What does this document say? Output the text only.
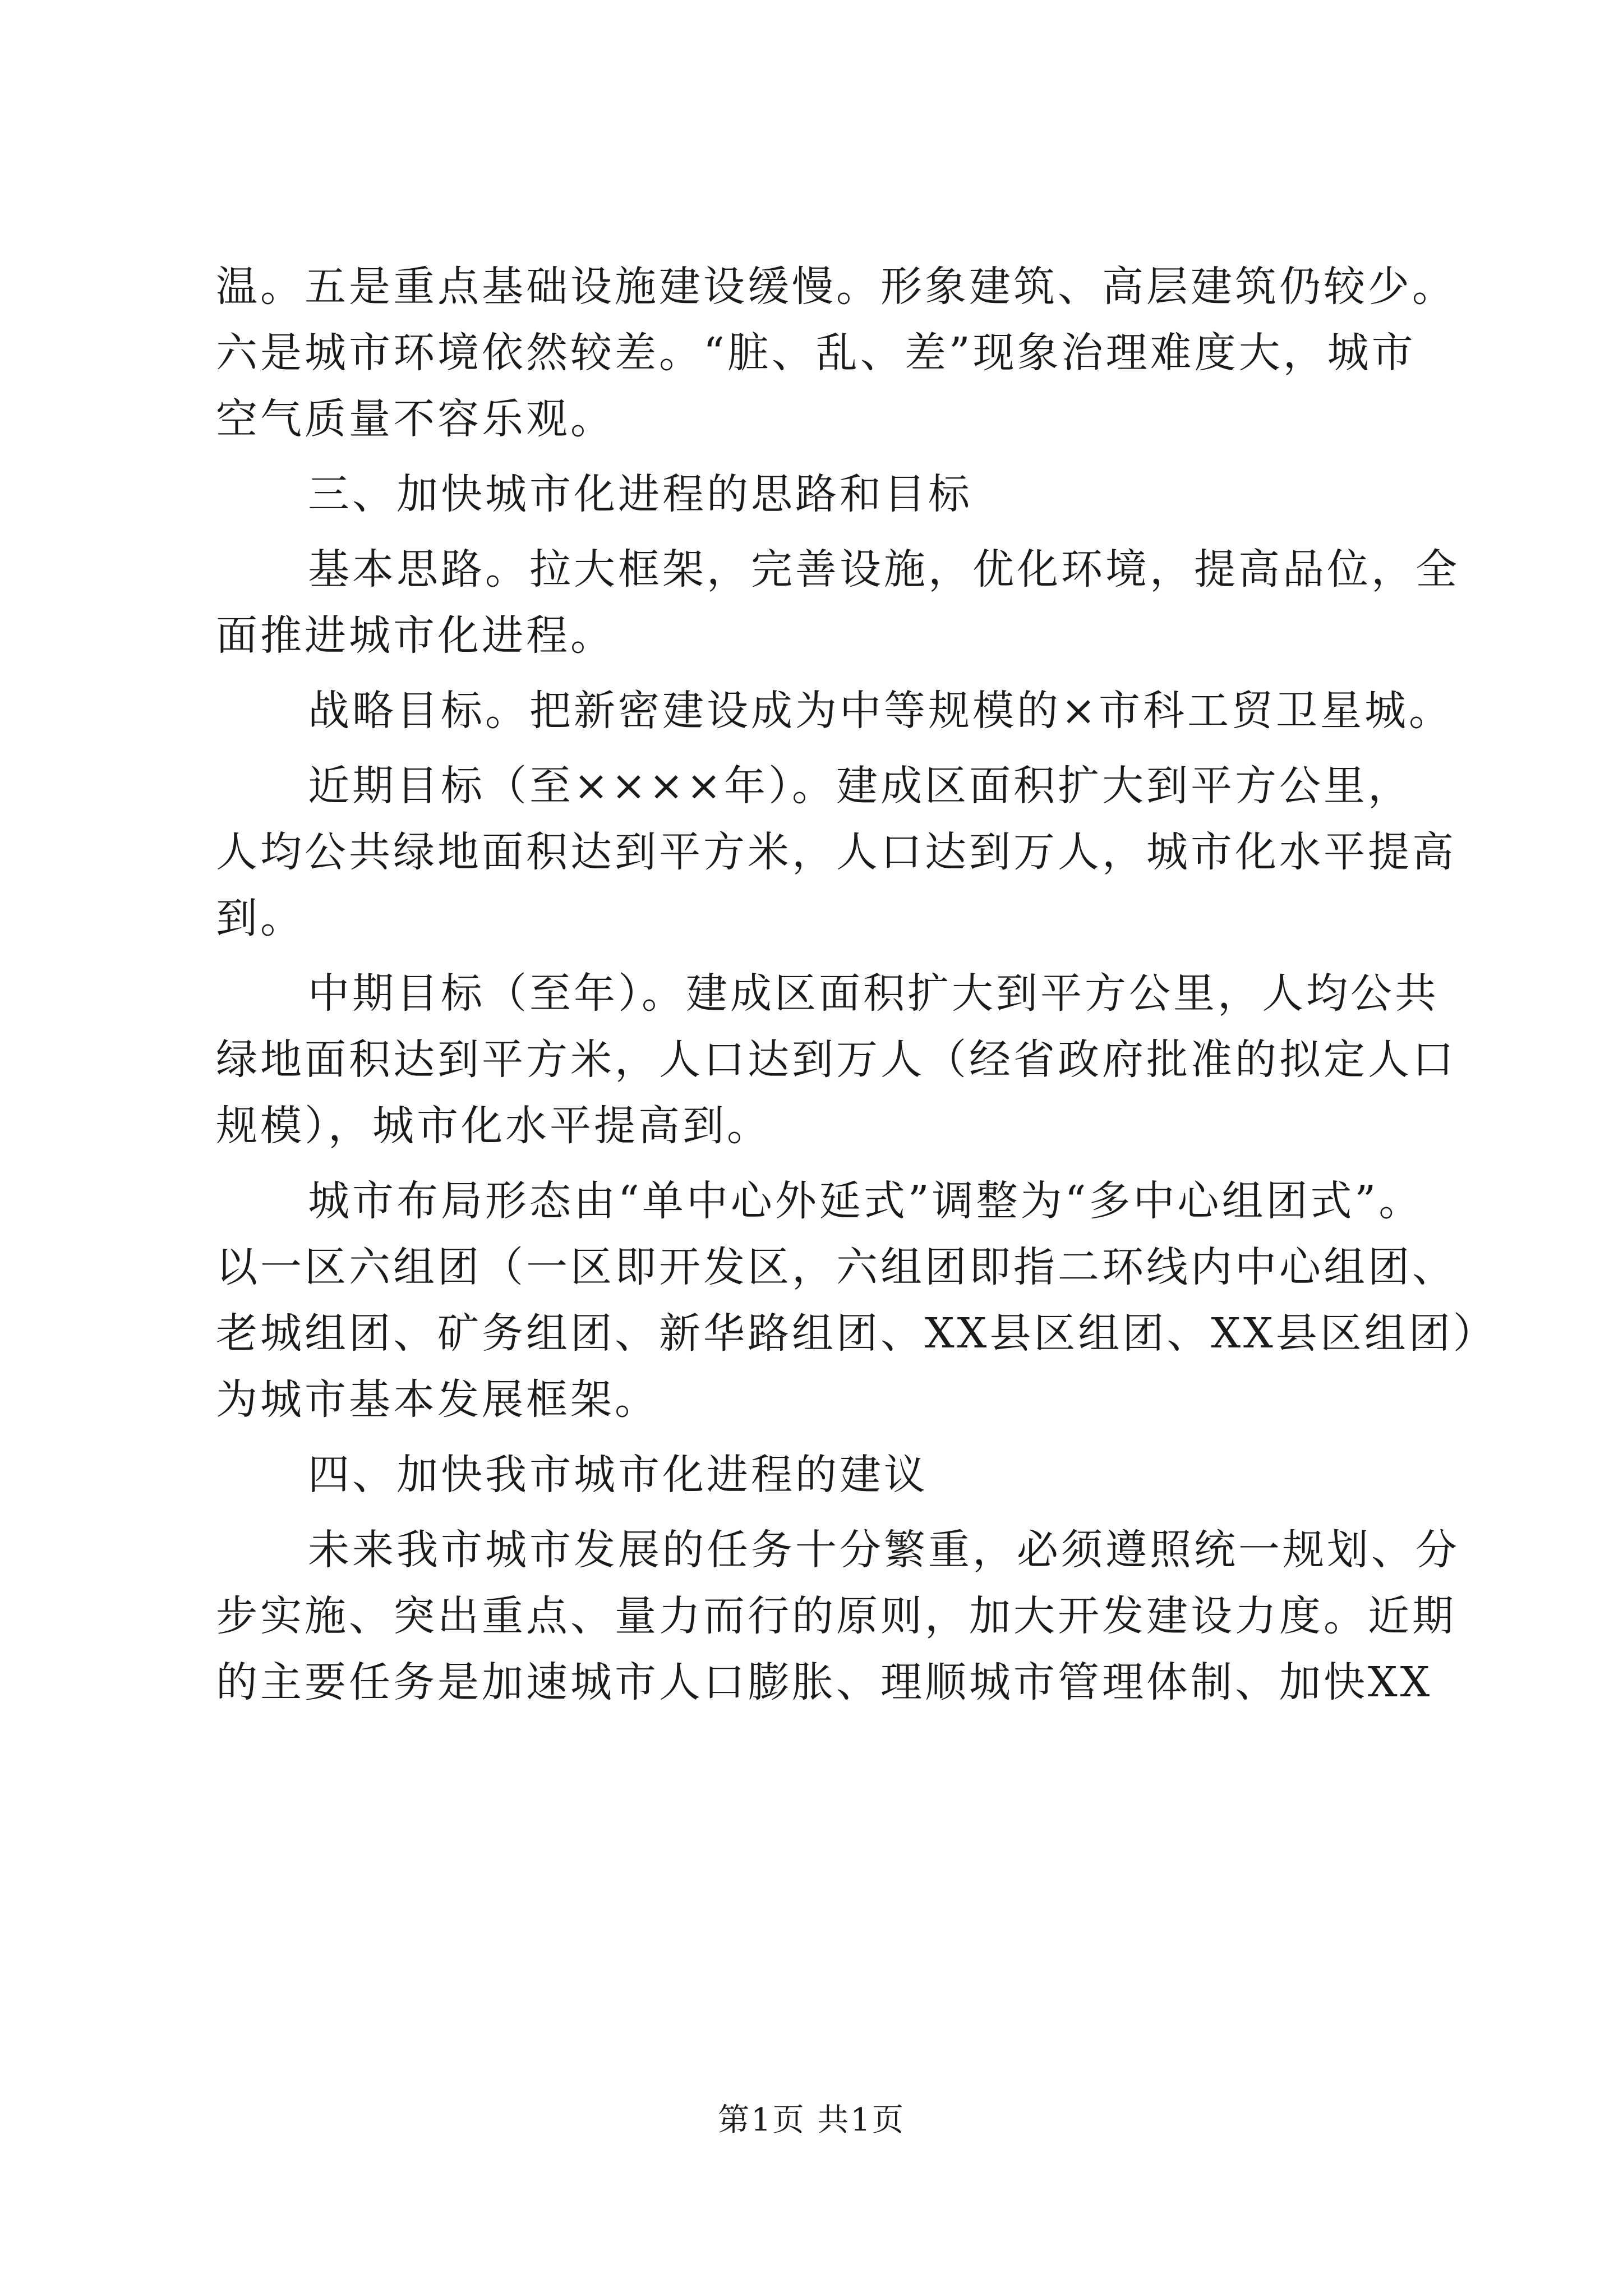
温。五是重点基础设施建设缓慢。形象建筑、高层建筑仍较少。
六是城市环境依然较差。“脏、乱、差”现象治理难度大，城市
空气质量不容乐观。
三、加快城市化进程的思路和目标
基本思路。拉大框架，完善设施，优化环境，提高品位，全
面推进城市化进程。
战略目标。把新密建设成为中等规模的×市科工贸卫星城。
近期目标（至××××年）。建成区面积扩大到平方公里，
人均公共绿地面积达到平方米，人口达到万人，城市化水平提高
到。
中期目标（至年）。建成区面积扩大到平方公里，人均公共
绿地面积达到平方米，人口达到万人（经省政府批准的拟定人口
规模），城市化水平提高到。
城市布局形态由“单中心外延式”调整为“多中心组团式”。
以一区六组团（一区即开发区，六组团即指二环线内中心组团、
老城组团、矿务组团、新华路组团、XX县区组团、XX县区组团）
为城市基本发展框架。
四、加快我市城市化进程的建议
未来我市城市发展的任务十分繁重，必须遵照统一规划、分
步实施、突出重点、量力而行的原则，加大开发建设力度。近期
的主要任务是加速城市人口膨胀、理顺城市管理体制、加快XX
第1页 共1页
